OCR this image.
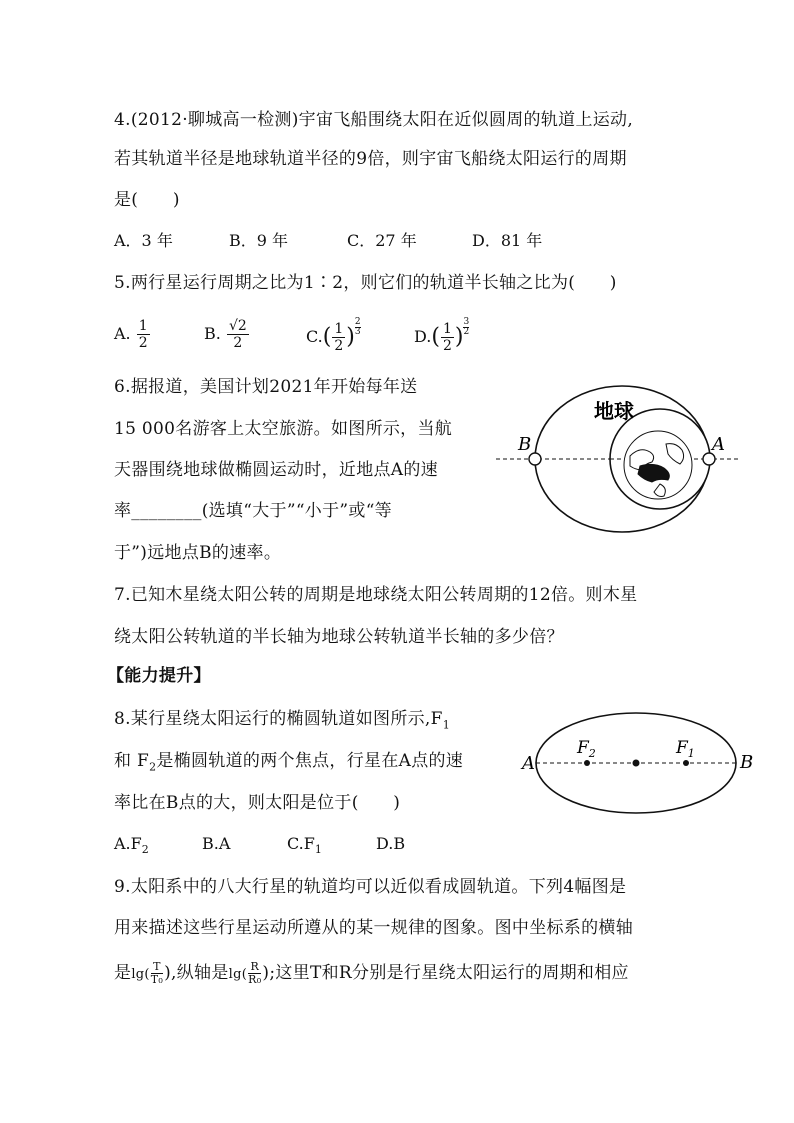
4.(2012·聊城高一检测)宇宙飞船围绕太阳在近似圆周的轨道上运动,
若其轨道半径是地球轨道半径的9倍，则宇宙飞船绕太阳运行的周期
是(　　)
A．3 年	B．9 年	C．27 年	D．81 年
5.两行星运行周期之比为1∶2，则它们的轨道半长轴之比为(　　)
A. $\frac{1}{2}$	B. $\frac{√2}{2}$	$C.( \frac{1}{2}$ ) $^{\frac{2}{3}}$	$D.( \frac{1}{2}$ ) $^{\frac{3}{2}}$
6.据报道，美国计划2021年开始每年送
15 000名游客上太空旅游。如图所示，当航
天器围绕地球做椭圆运动时，近地点A的速
率________(选填“大于”“小于”或“等
于”)远地点B的速率。
地球
B	A
7.已知木星绕太阳公转的周期是地球绕太阳公转周期的12倍。则木星
绕太阳公转轨道的半长轴为地球公转轨道半长轴的多少倍？
【能力提升】
8.某行星绕太阳运行的椭圆轨道如图所示$,F_1$
和 $F_2$是椭圆轨道的两个焦点，行星在A点的速
率比在B点的大，则太阳是位于(　　)
$A.F_2$	B.A	$C.F_1$	D.B
A	B
$F_2$	$F_1$
9.太阳系中的八大行星的轨道均可以近似看成圆轨道。下列4幅图是
用来描述这些行星运动所遵从的某一规律的图象。图中坐标系的横轴
是$\lg( \frac{T}{\text{T₀}}$ ),纵轴是$\lg( \frac{R}{\text{R₀}}$ );这里T和R分别是行星绕太阳运行的周期和相应
